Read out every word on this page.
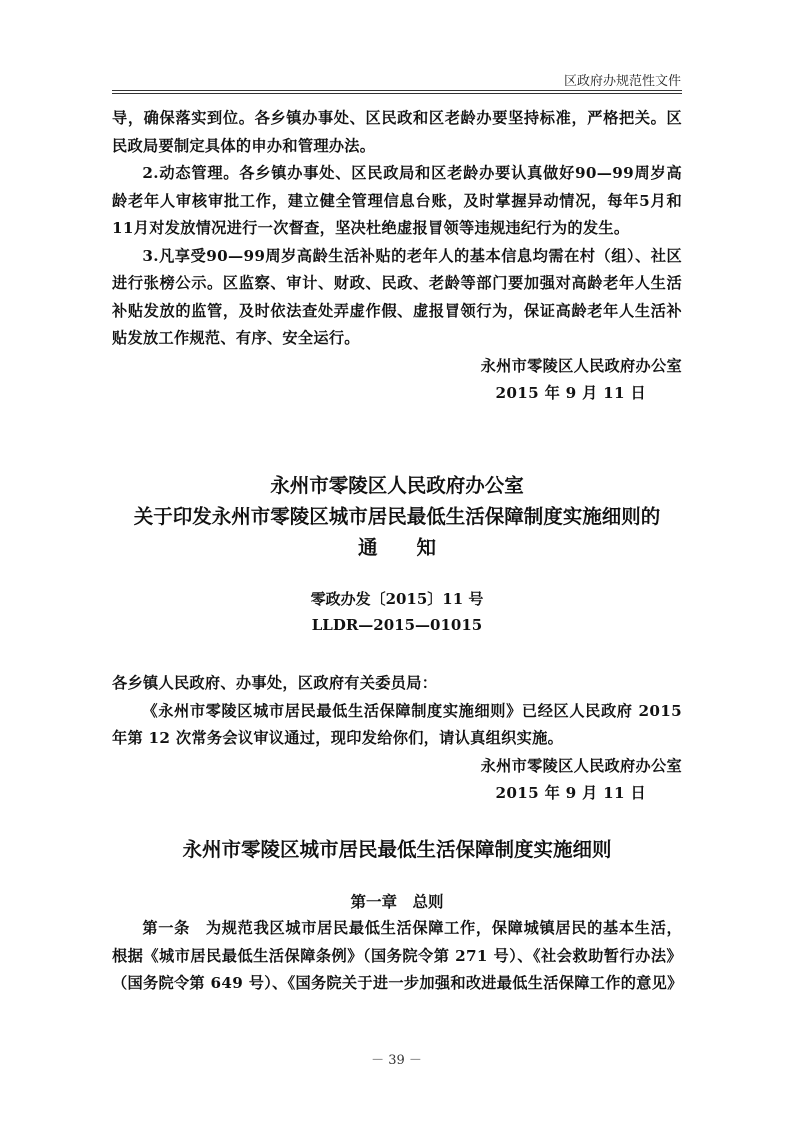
区政府办规范性文件

导，确保落实到位。各乡镇办事处、区民政和区老龄办要坚持标准，严格把关。区民政局要制定具体的申办和管理办法。

2.动态管理。各乡镇办事处、区民政局和区老龄办要认真做好90—99周岁高龄老年人审核审批工作，建立健全管理信息台账，及时掌握异动情况，每年5月和11月对发放情况进行一次督查，坚决杜绝虚报冒领等违规违纪行为的发生。

3.凡享受90—99周岁高龄生活补贴的老年人的基本信息均需在村（组）、社区进行张榜公示。区监察、审计、财政、民政、老龄等部门要加强对高龄老年人生活补贴发放的监管，及时依法查处弄虚作假、虚报冒领行为，保证高龄老年人生活补贴发放工作规范、有序、安全运行。

永州市零陵区人民政府办公室

2015 年 9 月 11 日

永州市零陵区人民政府办公室
关于印发永州市零陵区城市居民最低生活保障制度实施细则的
通　　知
零政办发〔2015〕11 号
LLDR—2015—01015

各乡镇人民政府、办事处，区政府有关委员局：

《永州市零陵区城市居民最低生活保障制度实施细则》已经区人民政府 2015 年第 12 次常务会议审议通过，现印发给你们，请认真组织实施。

永州市零陵区人民政府办公室

2015 年 9 月 11 日

永州市零陵区城市居民最低生活保障制度实施细则
第一章　总则

第一条　为规范我区城市居民最低生活保障工作，保障城镇居民的基本生活，根据《城市居民最低生活保障条例》（国务院令第 271 号）、《社会救助暂行办法》（国务院令第 649 号）、《国务院关于进一步加强和改进最低生活保障工作的意见》

－ 39 －
